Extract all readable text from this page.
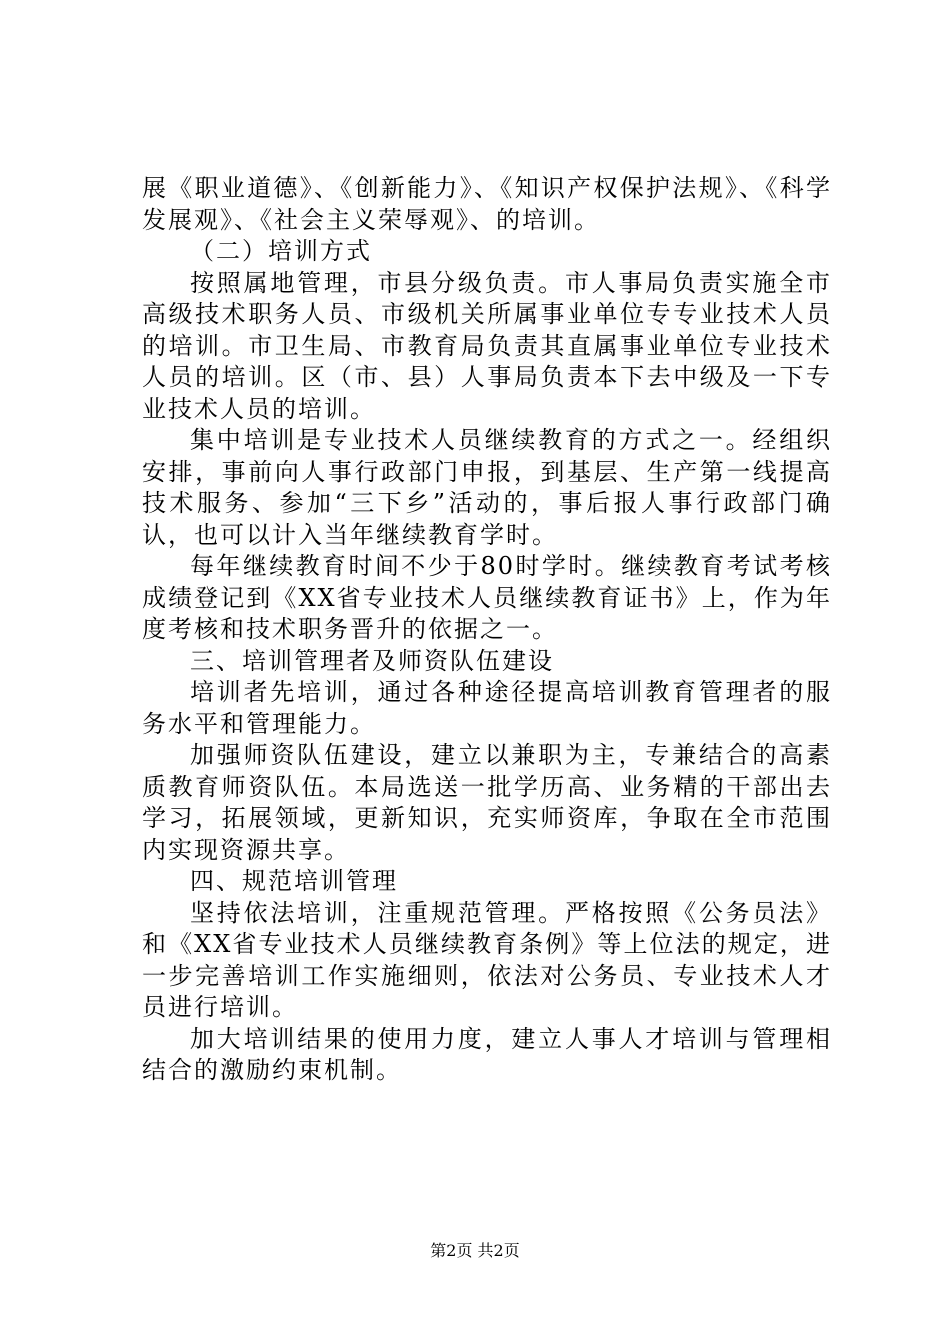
展《职业道德》、《创新能力》、《知识产权保护法规》、《科学发展观》、《社会主义荣辱观》、的培训。

（二）培训方式

按照属地管理，市县分级负责。市人事局负责实施全市高级技术职务人员、市级机关所属事业单位专专业技术人员的培训。市卫生局、市教育局负责其直属事业单位专业技术人员的培训。区（市、县）人事局负责本下去中级及一下专业技术人员的培训。

集中培训是专业技术人员继续教育的方式之一。经组织安排，事前向人事行政部门申报，到基层、生产第一线提高技术服务、参加“三下乡”活动的，事后报人事行政部门确认，也可以计入当年继续教育学时。

每年继续教育时间不少于80时学时。继续教育考试考核成绩登记到《XX省专业技术人员继续教育证书》上，作为年度考核和技术职务晋升的依据之一。

三、培训管理者及师资队伍建设

培训者先培训，通过各种途径提高培训教育管理者的服务水平和管理能力。

加强师资队伍建设，建立以兼职为主，专兼结合的高素质教育师资队伍。本局选送一批学历高、业务精的干部出去学习，拓展领域，更新知识，充实师资库，争取在全市范围内实现资源共享。

四、规范培训管理

坚持依法培训，注重规范管理。严格按照《公务员法》和《XX省专业技术人员继续教育条例》等上位法的规定，进一步完善培训工作实施细则，依法对公务员、专业技术人才员进行培训。

加大培训结果的使用力度，建立人事人才培训与管理相结合的激励约束机制。

第2页 共2页
